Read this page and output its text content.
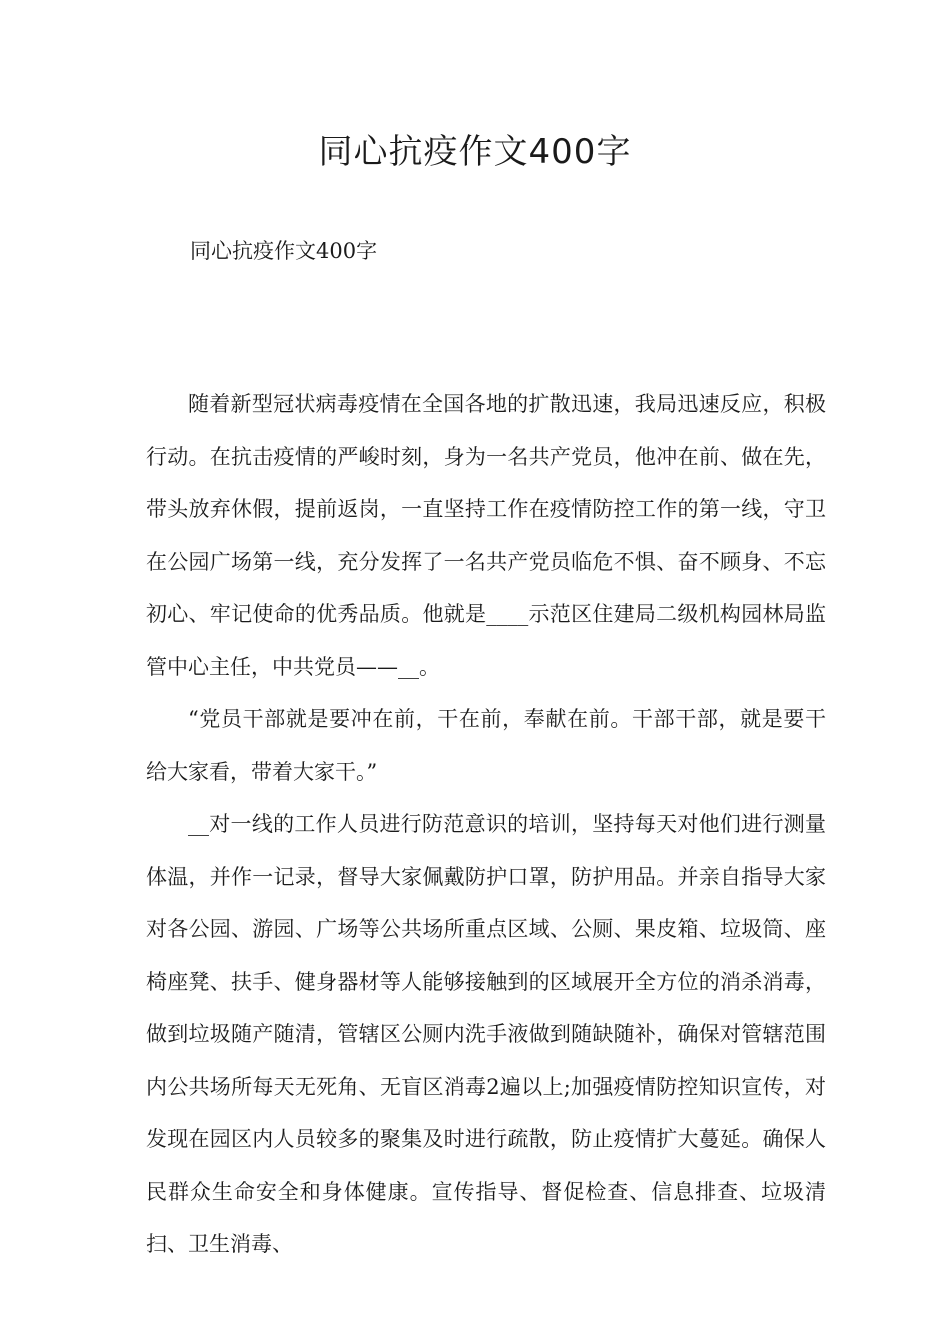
同心抗疫作文400字

同心抗疫作文400字

随着新型冠状病毒疫情在全国各地的扩散迅速，我局迅速反应，积极行动。在抗击疫情的严峻时刻，身为一名共产党员，他冲在前、做在先，带头放弃休假，提前返岗，一直坚持工作在疫情防控工作的第一线，守卫在公园广场第一线，充分发挥了一名共产党员临危不惧、奋不顾身、不忘初心、牢记使命的优秀品质。他就是____示范区住建局二级机构园林局监管中心主任，中共党员——__。

“党员干部就是要冲在前，干在前，奉献在前。干部干部，就是要干给大家看，带着大家干。”

__对一线的工作人员进行防范意识的培训，坚持每天对他们进行测量体温，并作一记录，督导大家佩戴防护口罩，防护用品。并亲自指导大家对各公园、游园、广场等公共场所重点区域、公厕、果皮箱、垃圾筒、座椅座凳、扶手、健身器材等人能够接触到的区域展开全方位的消杀消毒，做到垃圾随产随清，管辖区公厕内洗手液做到随缺随补，确保对管辖范围内公共场所每天无死角、无盲区消毒2遍以上;加强疫情防控知识宣传，对发现在园区内人员较多的聚集及时进行疏散，防止疫情扩大蔓延。确保人民群众生命安全和身体健康。宣传指导、督促检查、信息排查、垃圾清扫、卫生消毒、
